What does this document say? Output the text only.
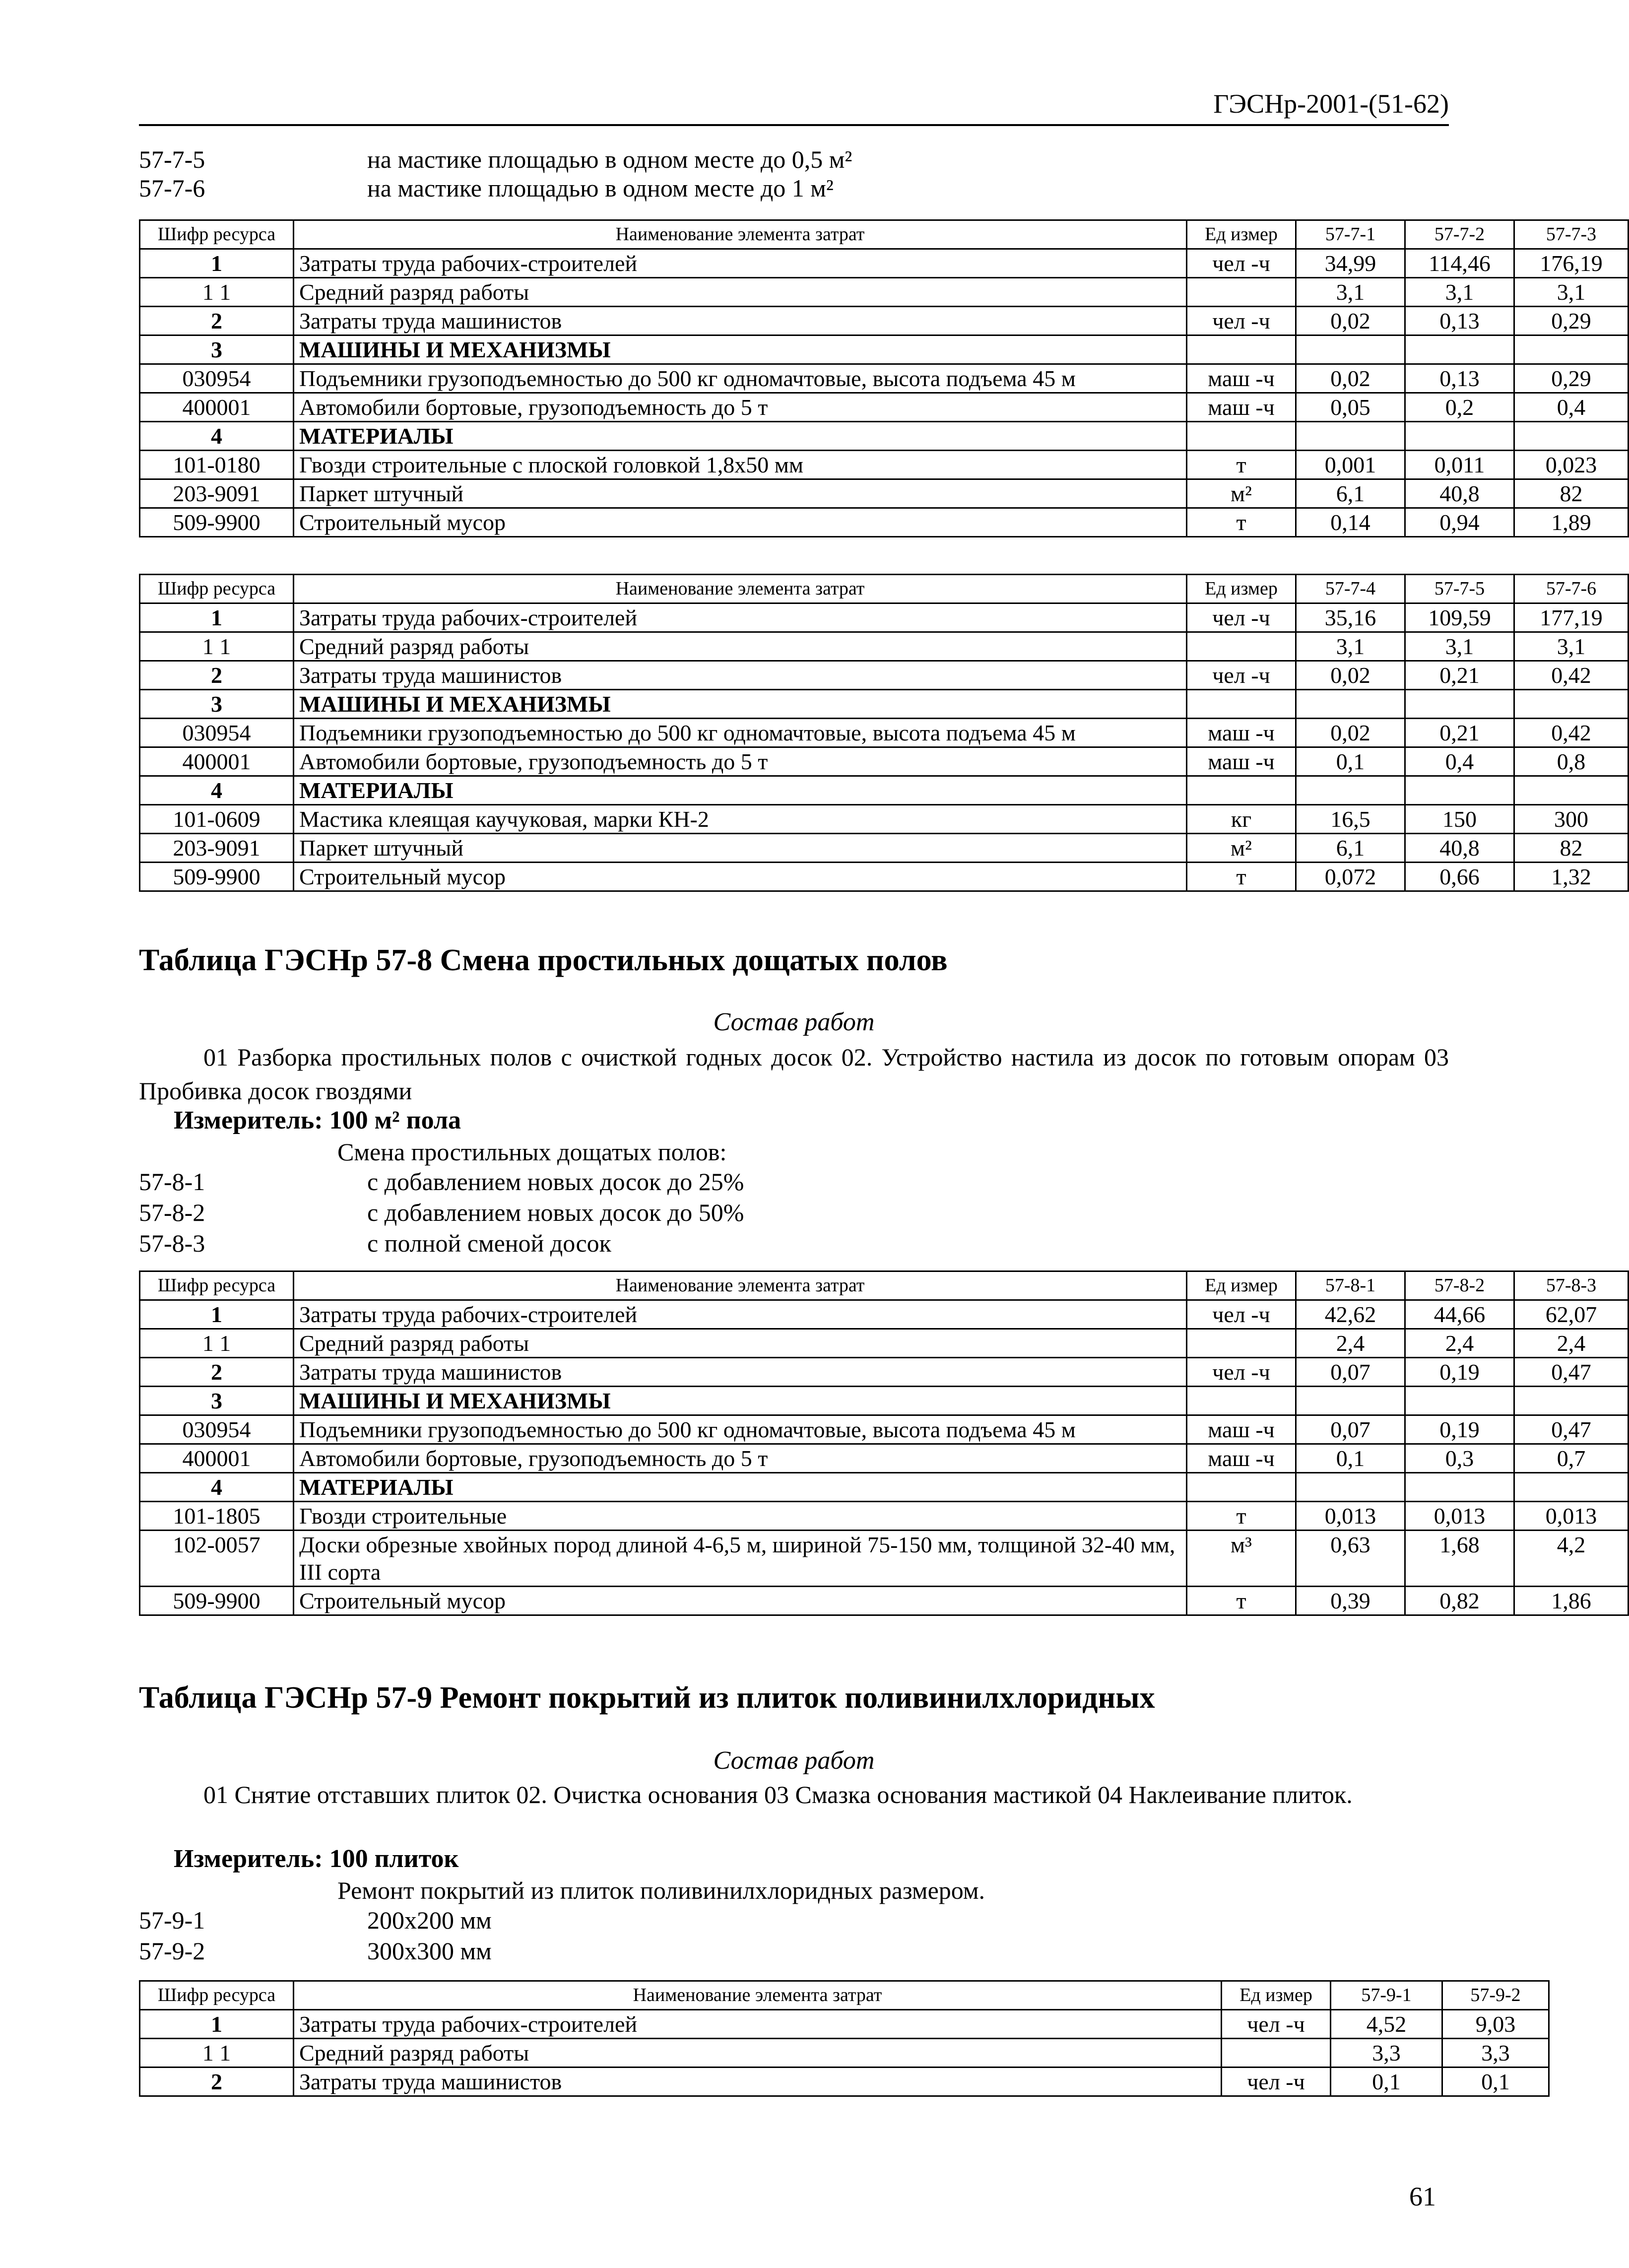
ГЭСНр-2001-(51-62)
57-7-5	на мастике площадью в одном месте до 0,5 м²
57-7-6	на мастике площадью в одном месте до 1 м²
Шифр ресурса	Наименование элемента затрат	Ед измер	57-7-1	57-7-2	57-7-3
1	Затраты труда рабочих-строителей	чел -ч	34,99	114,46	176,19
1 1	Средний разряд работы		3,1	3,1	3,1
2	Затраты труда машинистов	чел -ч	0,02	0,13	0,29
3	МАШИНЫ И МЕХАНИЗМЫ				
030954	Подъемники грузоподъемностью до 500 кг одномачтовые, высота подъема 45 м	маш -ч	0,02	0,13	0,29
400001	Автомобили бортовые, грузоподъемность до 5 т	маш -ч	0,05	0,2	0,4
4	МАТЕРИАЛЫ				
101-0180	Гвозди строительные с плоской головкой 1,8x50 мм	т	0,001	0,011	0,023
203-9091	Паркет штучный	м²	6,1	40,8	82
509-9900	Строительный мусор	т	0,14	0,94	1,89
Шифр ресурса	Наименование элемента затрат	Ед измер	57-7-4	57-7-5	57-7-6
1	Затраты труда рабочих-строителей	чел -ч	35,16	109,59	177,19
1 1	Средний разряд работы		3,1	3,1	3,1
2	Затраты труда машинистов	чел -ч	0,02	0,21	0,42
3	МАШИНЫ И МЕХАНИЗМЫ				
030954	Подъемники грузоподъемностью до 500 кг одномачтовые, высота подъема 45 м	маш -ч	0,02	0,21	0,42
400001	Автомобили бортовые, грузоподъемность до 5 т	маш -ч	0,1	0,4	0,8
4	МАТЕРИАЛЫ				
101-0609	Мастика клеящая каучуковая, марки КН-2	кг	16,5	150	300
203-9091	Паркет штучный	м²	6,1	40,8	82
509-9900	Строительный мусор	т	0,072	0,66	1,32
Таблица ГЭСНр 57-8 Смена простильных дощатых полов
Состав работ
01 Разборка простильных полов с очисткой годных досок 02. Устройство настила из досок по готовым опорам 03 Пробивка досок гвоздями
Измеритель: 100 м² пола
Смена простильных дощатых полов:
57-8-1	с добавлением новых досок до 25%
57-8-2	с добавлением новых досок до 50%
57-8-3	с полной сменой досок
Шифр ресурса	Наименование элемента затрат	Ед измер	57-8-1	57-8-2	57-8-3
1	Затраты труда рабочих-строителей	чел -ч	42,62	44,66	62,07
1 1	Средний разряд работы		2,4	2,4	2,4
2	Затраты труда машинистов	чел -ч	0,07	0,19	0,47
3	МАШИНЫ И МЕХАНИЗМЫ				
030954	Подъемники грузоподъемностью до 500 кг одномачтовые, высота подъема 45 м	маш -ч	0,07	0,19	0,47
400001	Автомобили бортовые, грузоподъемность до 5 т	маш -ч	0,1	0,3	0,7
4	МАТЕРИАЛЫ				
101-1805	Гвозди строительные	т	0,013	0,013	0,013
102-0057	Доски обрезные хвойных пород длиной 4-6,5 м, шириной 75-150 мм, толщиной 32-40 мм, III сорта	м³	0,63	1,68	4,2
509-9900	Строительный мусор	т	0,39	0,82	1,86
Таблица ГЭСНр 57-9 Ремонт покрытий из плиток поливинилхлоридных
Состав работ
01 Снятие отставших плиток 02. Очистка основания 03 Смазка основания мастикой 04 Наклеивание плиток.
Измеритель: 100 плиток
Ремонт покрытий из плиток поливинилхлоридных размером.
57-9-1	200x200 мм
57-9-2	300x300 мм
Шифр ресурса	Наименование элемента затрат	Ед измер	57-9-1	57-9-2
1	Затраты труда рабочих-строителей	чел -ч	4,52	9,03
1 1	Средний разряд работы		3,3	3,3
2	Затраты труда машинистов	чел -ч	0,1	0,1
61
